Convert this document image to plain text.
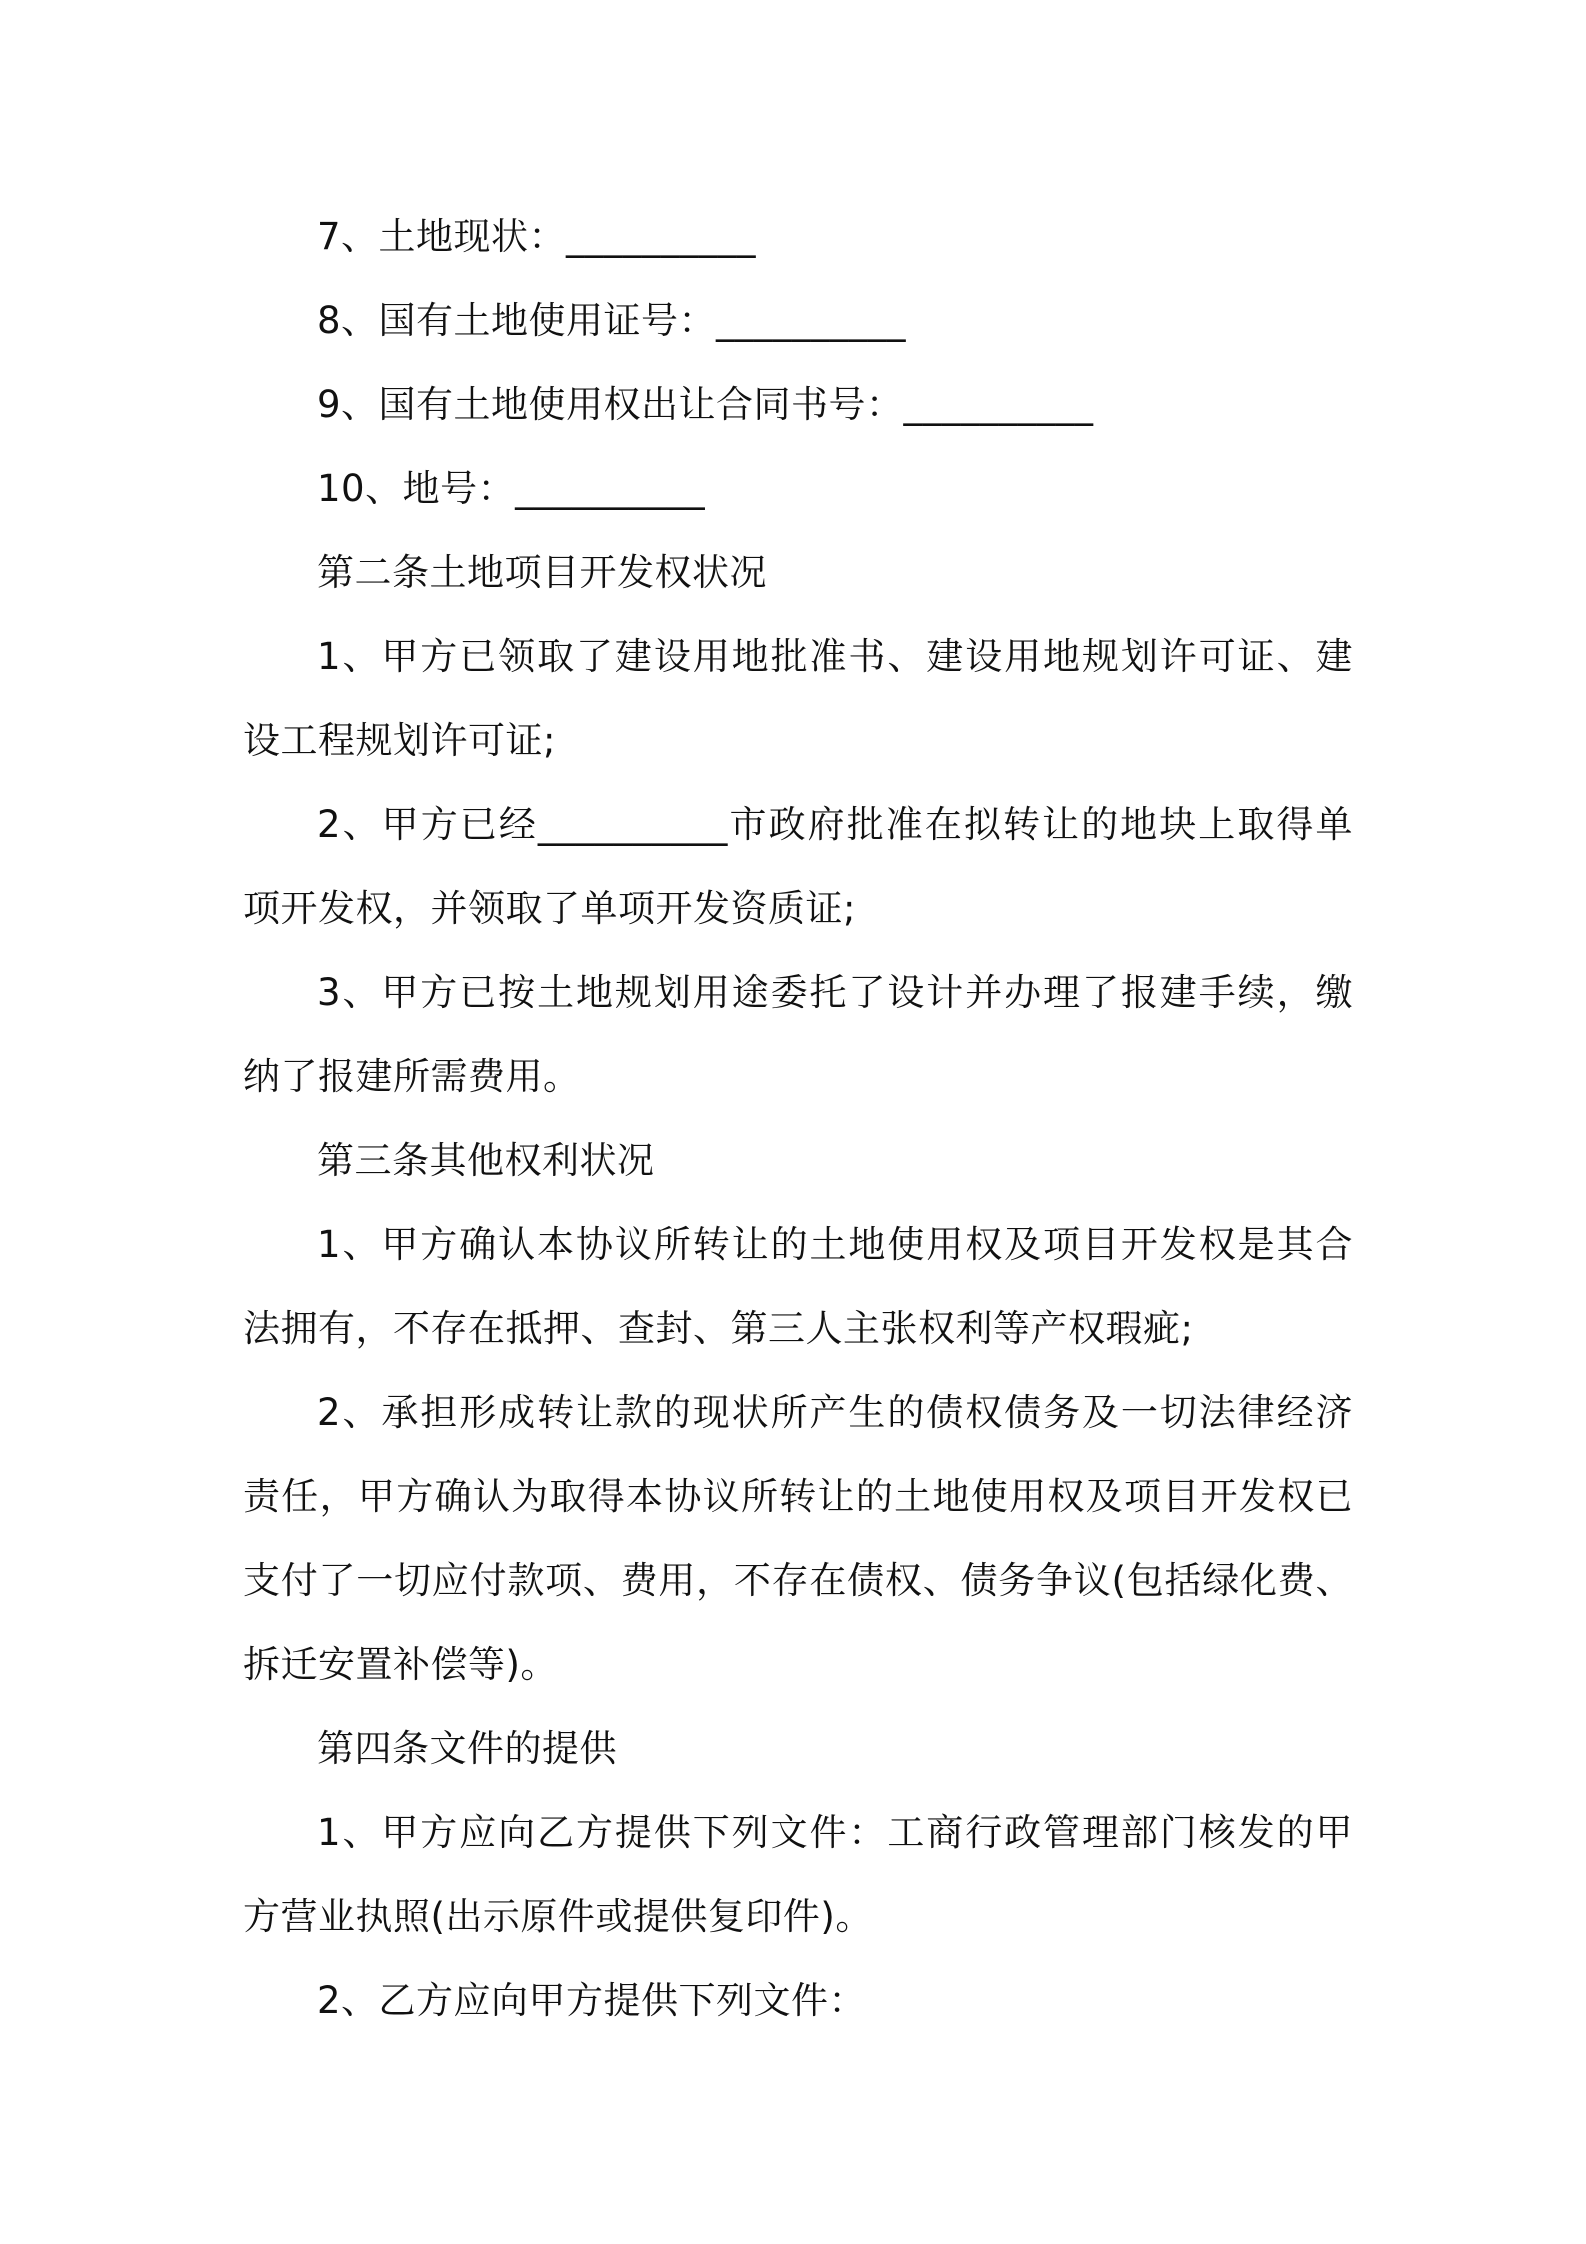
7、土地现状：__________

8、国有土地使用证号：__________

9、国有土地使用权出让合同书号：__________

10、地号：__________

第二条土地项目开发权状况

1、甲方已领取了建设用地批准书、建设用地规划许可证、建设工程规划许可证;

2、甲方已经__________市政府批准在拟转让的地块上取得单项开发权，并领取了单项开发资质证;

3、甲方已按土地规划用途委托了设计并办理了报建手续，缴纳了报建所需费用。

第三条其他权利状况

1、甲方确认本协议所转让的土地使用权及项目开发权是其合法拥有，不存在抵押、查封、第三人主张权利等产权瑕疵;

2、承担形成转让款的现状所产生的债权债务及一切法律经济责任，甲方确认为取得本协议所转让的土地使用权及项目开发权已支付了一切应付款项、费用，不存在债权、债务争议(包括绿化费、拆迁安置补偿等)。

第四条文件的提供

1、甲方应向乙方提供下列文件：工商行政管理部门核发的甲方营业执照(出示原件或提供复印件)。

2、乙方应向甲方提供下列文件：
